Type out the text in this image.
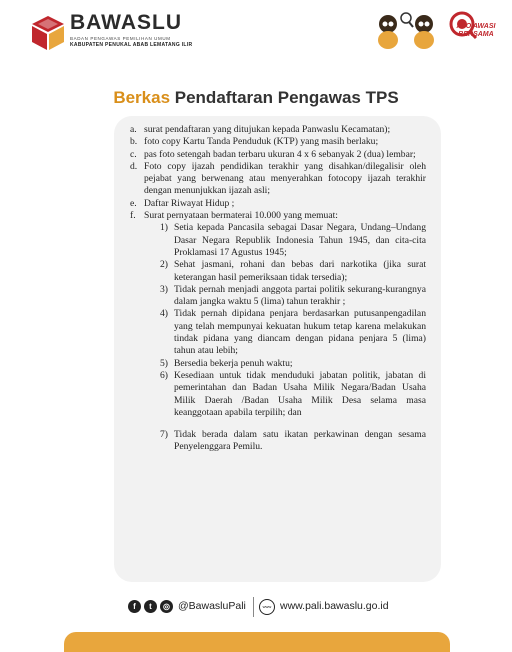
BAWASLU
BADAN PENGAWAS PEMILIHAN UMUM
KABUPATEN PENUKAL ABAB LEMATANG ILIR
AYO AWASI BERSAMA
Berkas Pendaftaran Pengawas TPS
a. surat pendaftaran yang ditujukan kepada Panwaslu Kecamatan);
b. foto copy Kartu Tanda Penduduk (KTP) yang masih berlaku;
c. pas foto setengah badan terbaru ukuran 4 x 6 sebanyak 2 (dua) lembar;
d. Foto copy ijazah pendidikan terakhir yang disahkan/dilegalisir oleh pejabat yang berwenang atau menyerahkan fotocopy ijazah terakhir dengan menunjukkan ijazah asli;
e. Daftar Riwayat Hidup ;
f. Surat pernyataan bermaterai 10.000 yang memuat:
1) Setia kepada Pancasila sebagai Dasar Negara, Undang–Undang Dasar Negara Republik Indonesia Tahun 1945, dan cita-cita Proklamasi 17 Agustus 1945;
2) Sehat jasmani, rohani dan bebas dari narkotika (jika surat keterangan hasil pemeriksaan tidak tersedia);
3) Tidak pernah menjadi anggota partai politik sekurang-kurangnya dalam jangka waktu 5 (lima) tahun terakhir ;
4) Tidak pernah dipidana penjara berdasarkan putusanpengadilan yang telah mempunyai kekuatan hukum tetap karena melakukan tindak pidana yang diancam dengan pidana penjara 5 (lima) tahun atau lebih;
5) Bersedia bekerja penuh waktu;
6) Kesediaan untuk tidak menduduki jabatan politik, jabatan di pemerintahan dan Badan Usaha Milik Negara/Badan Usaha Milik Daerah /Badan Usaha Milik Desa selama masa keanggotaan apabila terpilih; dan
7) Tidak berada dalam satu ikatan perkawinan dengan sesama Penyelenggara Pemilu.
f	t	◎ @BawasluPali	www www.pali.bawaslu.go.id
